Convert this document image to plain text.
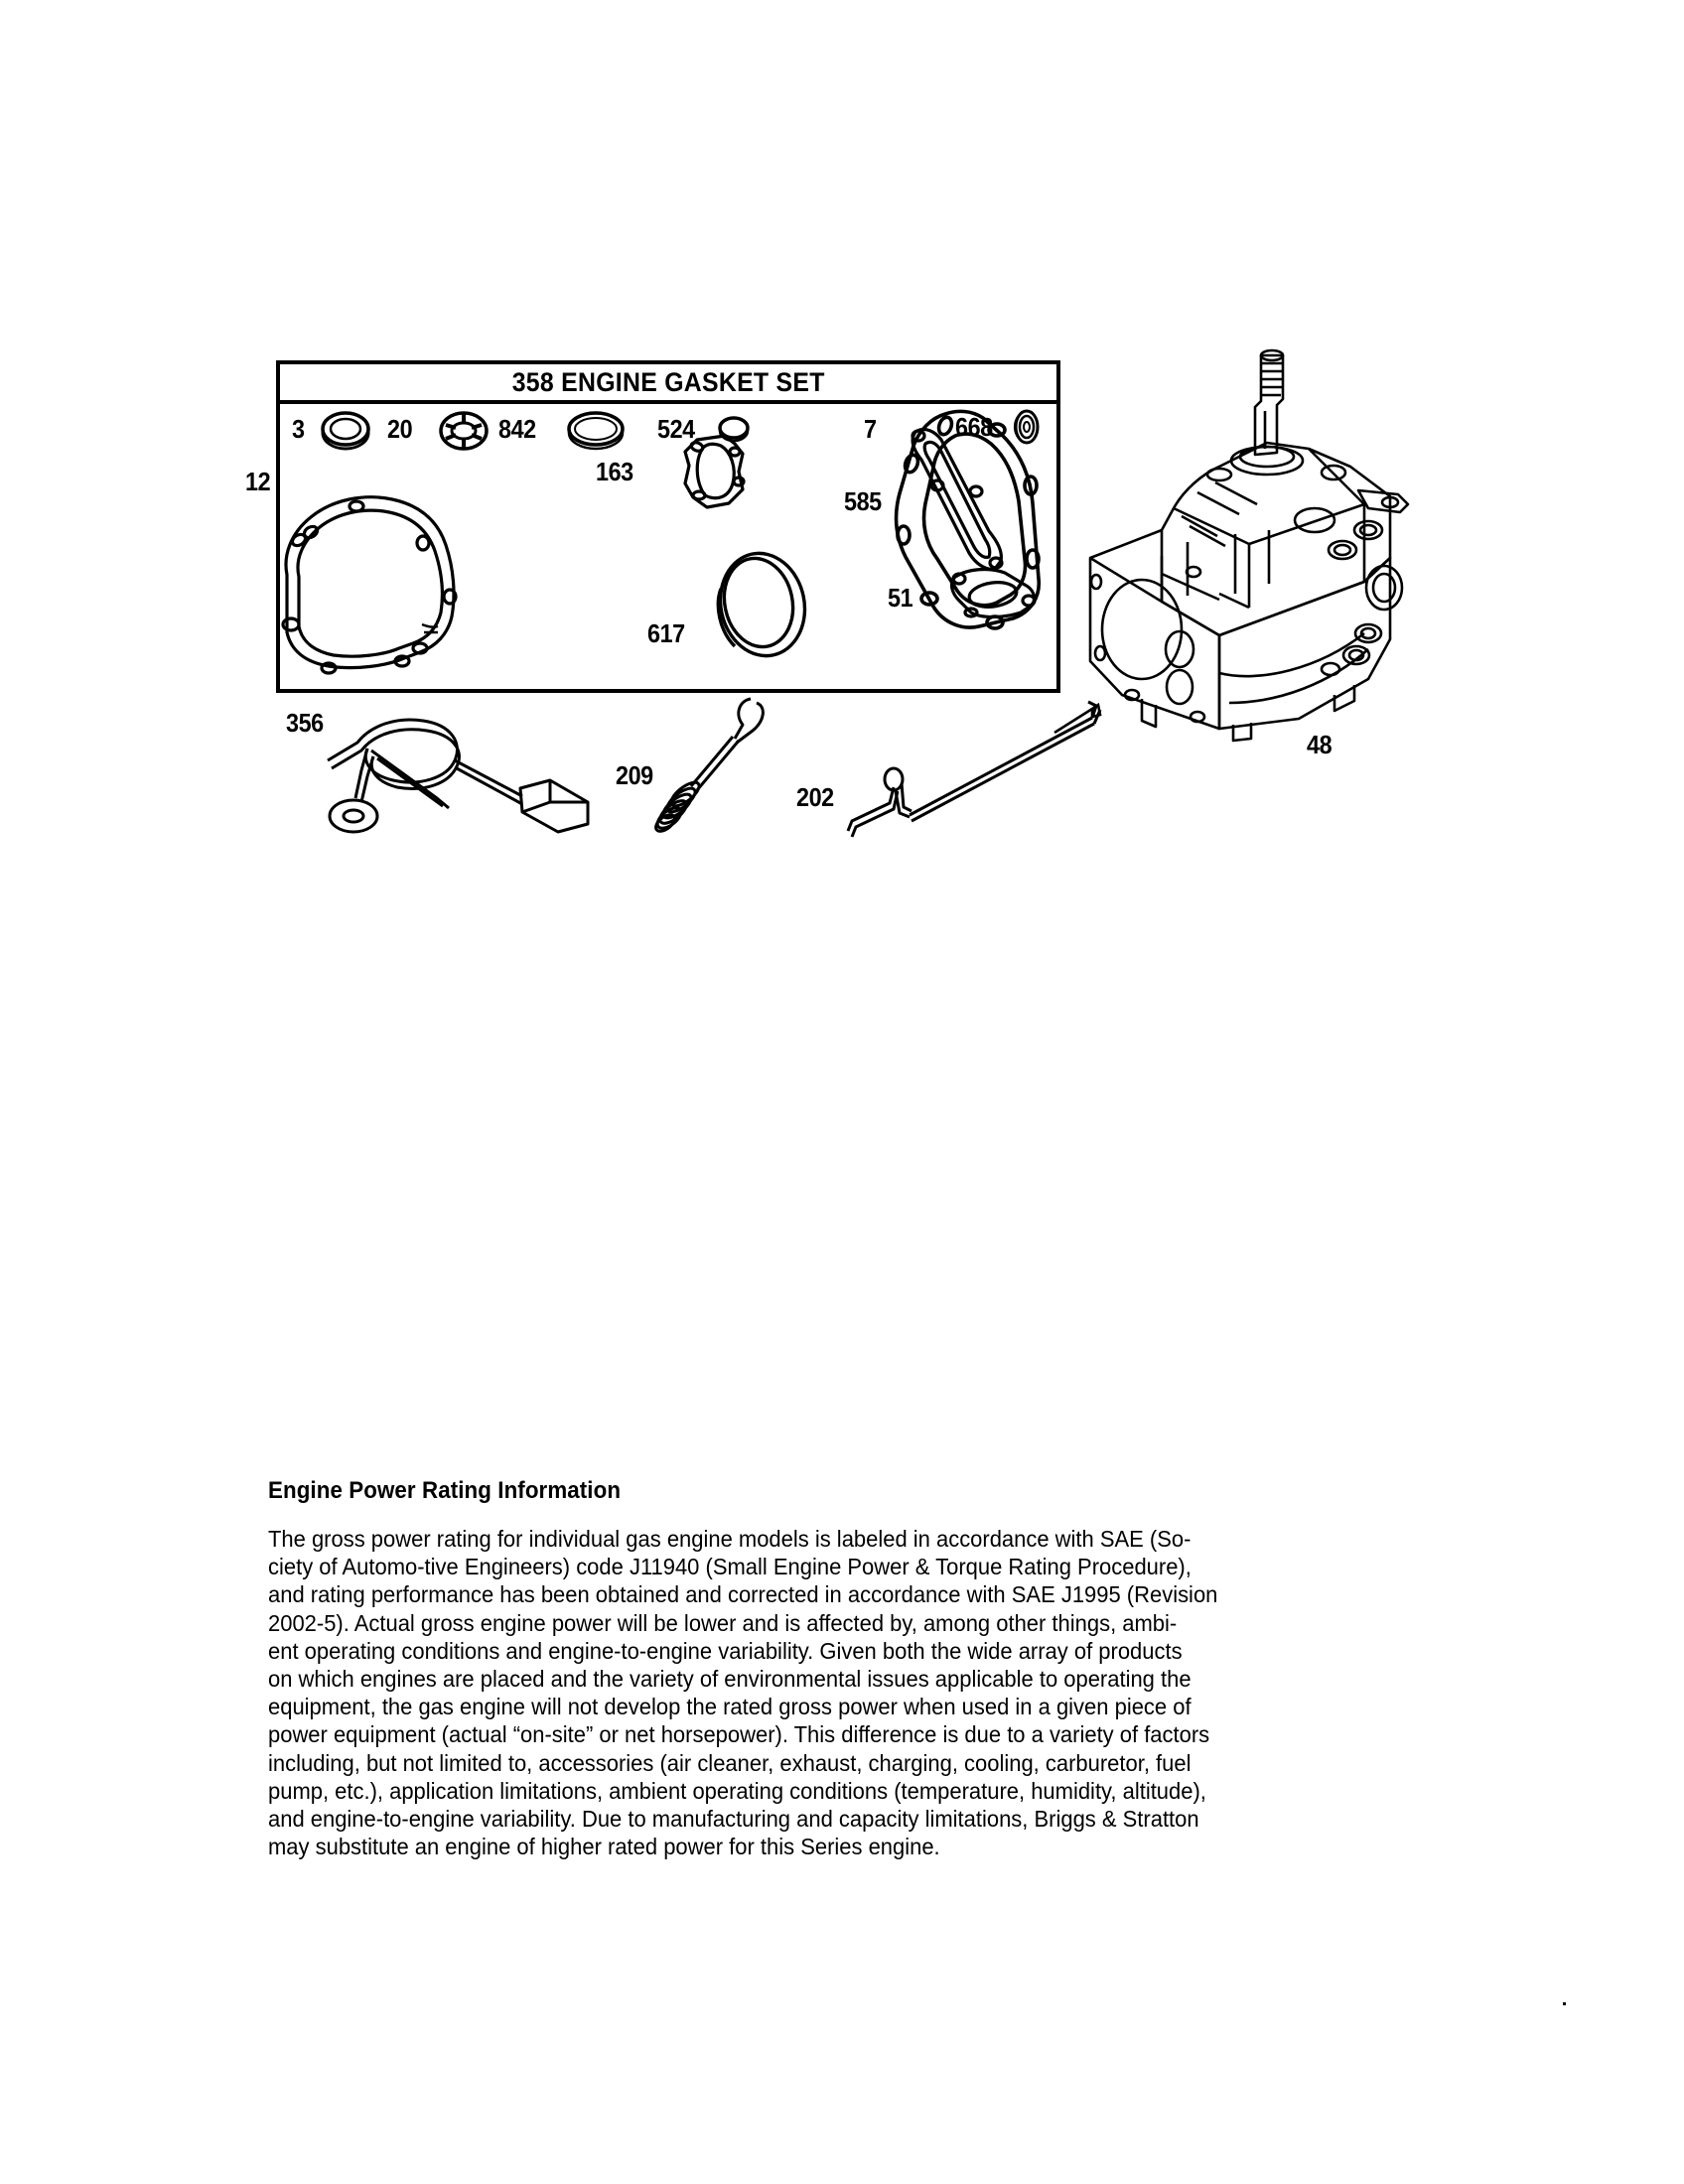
358 ENGINE GASKET SET
3	20	842	524	668
12	163
585
7
617
51
356
209
202
48
Engine Power Rating Information
The gross power rating for individual gas engine models is labeled in accordance with SAE (So-
ciety of Automo-tive Engineers) code J11940 (Small Engine Power & Torque Rating Procedure),
and rating performance has been obtained and corrected in accordance with SAE J1995 (Revision
2002-5). Actual gross engine power will be lower and is affected by, among other things, ambi-
ent operating conditions and engine-to-engine variability. Given both the wide array of products
on which engines are placed and the variety of environmental issues applicable to operating the
equipment, the gas engine will not develop the rated gross power when used in a given piece of
power equipment (actual “on-site” or net horsepower). This difference is due to a variety of factors
including, but not limited to, accessories (air cleaner, exhaust, charging, cooling, carburetor, fuel
pump, etc.), application limitations, ambient operating conditions (temperature, humidity, altitude),
and engine-to-engine variability. Due to manufacturing and capacity limitations, Briggs & Stratton
may substitute an engine of higher rated power for this Series engine.
